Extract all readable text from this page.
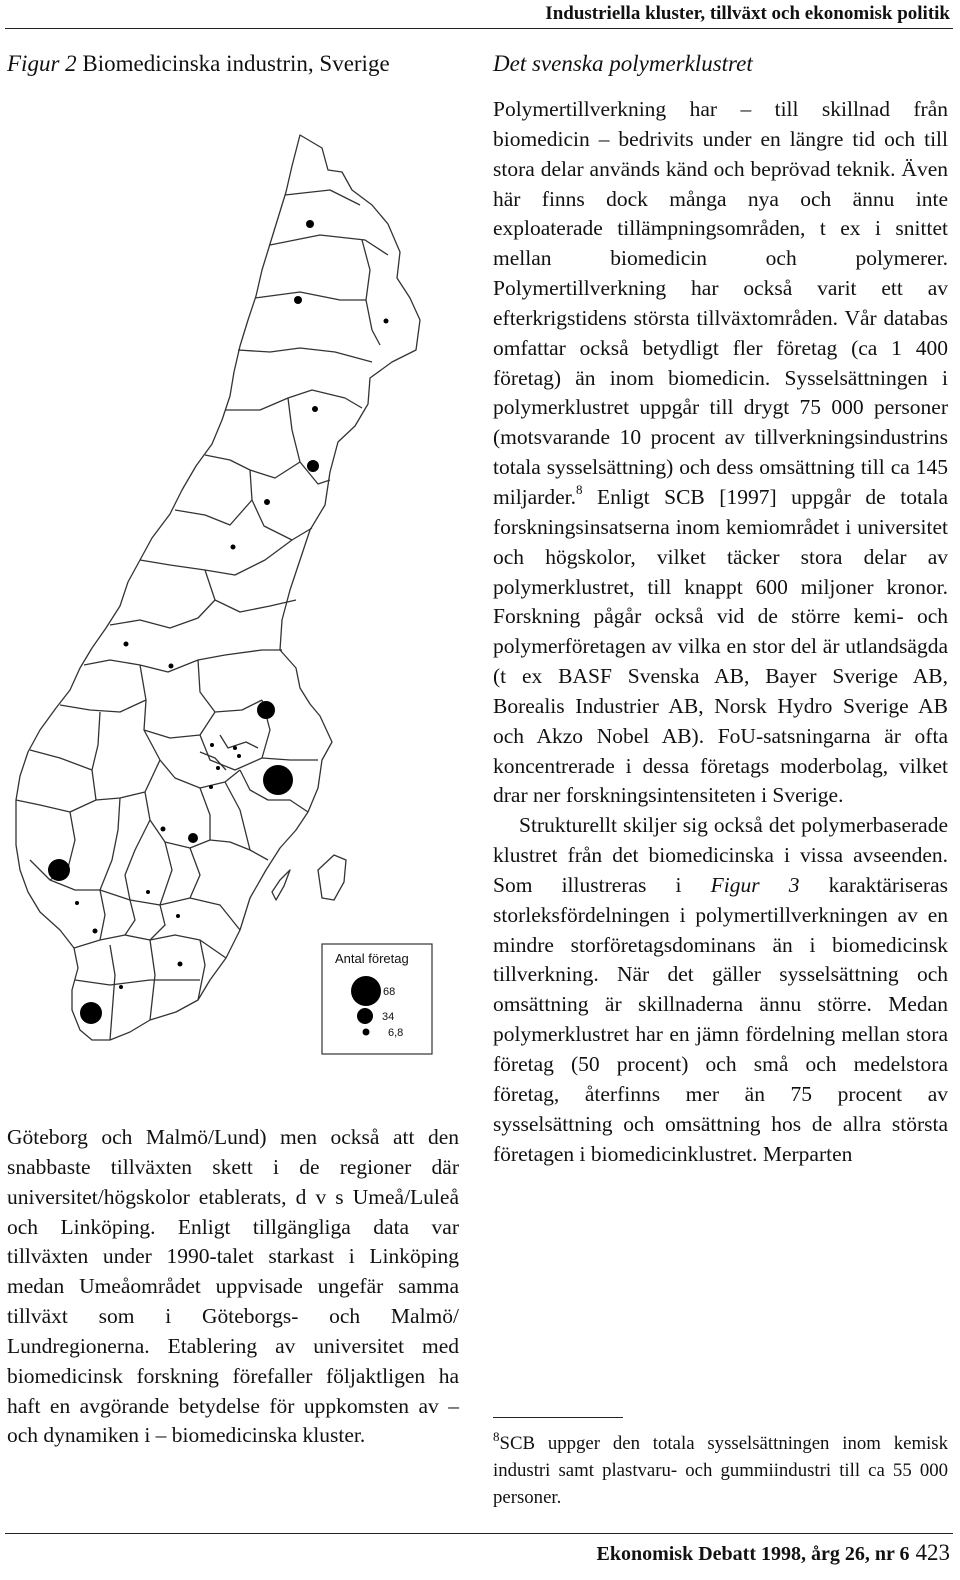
Industriella kluster, tillväxt och ekonomisk politik
Figur 2 Biomedicinska industrin, Sverige
Antal företag
68
34
6,8
Göteborg och Malmö/Lund) men också att den snabbaste tillväxten skett i de regioner där universitet/högskolor etablerats, d v s Umeå/Luleå och Linköping. Enligt tillgängliga data var tillväxten under 1990-talet starkast i Linköping medan Umeåområdet uppvisade ungefär samma tillväxt som i Göteborgs- och Malmö/ Lundregionerna. Etablering av universitet med biomedicinsk forskning förefaller följaktligen ha haft en avgörande betydelse för uppkomsten av – och dynamiken i – biomedicinska kluster.
Det svenska polymerklustret

Polymertillverkning har – till skillnad från biomedicin – bedrivits under en längre tid och till stora delar används känd och beprövad teknik. Även här finns dock många nya och ännu inte exploaterade tillämpningsområden, t ex i snittet mellan biomedicin och polymerer. Polymertillverkning har också varit ett av efterkrigstidens största tillväxtområden. Vår databas omfattar också betydligt fler företag (ca 1 400 företag) än inom biomedicin. Sysselsättningen i polymerklustret uppgår till drygt 75 000 personer (motsvarande 10 procent av tillverkningsindustrins totala sysselsättning) och dess omsättning till ca 145 miljarder.$^8$ Enligt SCB [1997] uppgår de totala forskningsinsatserna inom kemiområdet i universitet och högskolor, vilket täcker stora delar av polymerklustret, till knappt 600 miljoner kronor. Forskning pågår också vid de större kemi- och polymerföretagen av vilka en stor del är utlandsägda (t ex BASF Svenska AB, Bayer Sverige AB, Borealis Industrier AB, Norsk Hydro Sverige AB och Akzo Nobel AB). FoU-satsningarna är ofta koncentrerade i dessa företags moderbolag, vilket drar ner forskningsintensiteten i Sverige.

Strukturellt skiljer sig också det polymerbaserade klustret från det biomedicinska i vissa avseenden. Som illustreras i Figur 3 karaktäriseras storleksfördelningen i polymertillverkningen av en mindre storföretagsdominans än i biomedicinsk tillverkning. När det gäller sysselsättning och omsättning är skillnaderna ännu större. Medan polymerklustret har en jämn fördelning mellan stora företag (50 procent) och små och medelstora företag, återfinns mer än 75 procent av sysselsättning och omsättning hos de allra största företagen i biomedicinklustret. Merparten

$^8$SCB uppger den totala sysselsättningen inom kemisk industri samt plastvaru- och gummiindustri till ca 55 000 personer.
Ekonomisk Debatt 1998, årg 26, nr 6 423
